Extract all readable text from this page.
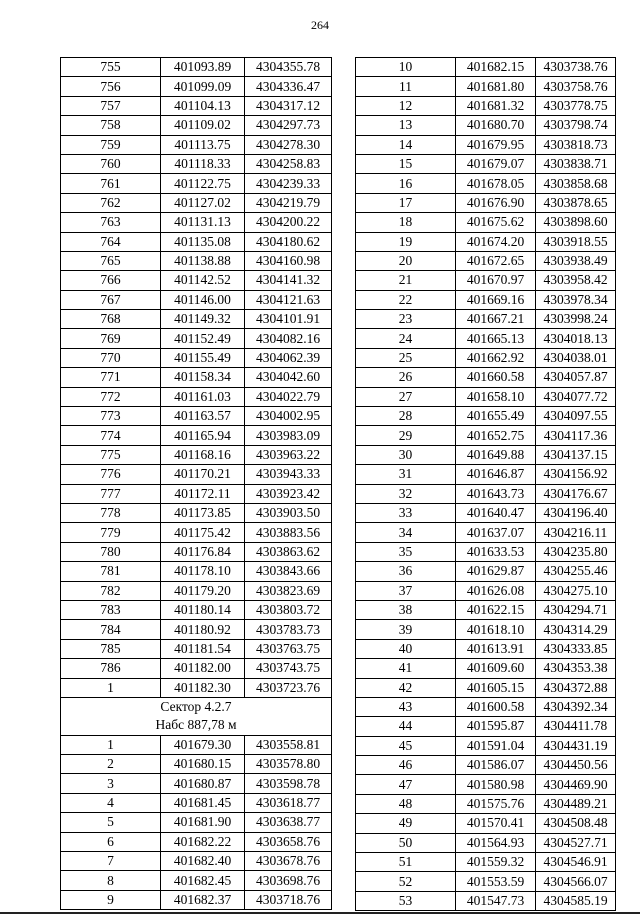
264
755	401093.89	4304355.78
756	401099.09	4304336.47
757	401104.13	4304317.12
758	401109.02	4304297.73
759	401113.75	4304278.30
760	401118.33	4304258.83
761	401122.75	4304239.33
762	401127.02	4304219.79
763	401131.13	4304200.22
764	401135.08	4304180.62
765	401138.88	4304160.98
766	401142.52	4304141.32
767	401146.00	4304121.63
768	401149.32	4304101.91
769	401152.49	4304082.16
770	401155.49	4304062.39
771	401158.34	4304042.60
772	401161.03	4304022.79
773	401163.57	4304002.95
774	401165.94	4303983.09
775	401168.16	4303963.22
776	401170.21	4303943.33
777	401172.11	4303923.42
778	401173.85	4303903.50
779	401175.42	4303883.56
780	401176.84	4303863.62
781	401178.10	4303843.66
782	401179.20	4303823.69
783	401180.14	4303803.72
784	401180.92	4303783.73
785	401181.54	4303763.75
786	401182.00	4303743.75
1	401182.30	4303723.76

Сектор 4.2.7
Набс 887,78 м		

1	401679.30	4303558.81
2	401680.15	4303578.80
3	401680.87	4303598.78
4	401681.45	4303618.77
5	401681.90	4303638.77
6	401682.22	4303658.76
7	401682.40	4303678.76
8	401682.45	4303698.76
9	401682.37	4303718.76
10	401682.15	4303738.76
11	401681.80	4303758.76
12	401681.32	4303778.75
13	401680.70	4303798.74
14	401679.95	4303818.73
15	401679.07	4303838.71
16	401678.05	4303858.68
17	401676.90	4303878.65
18	401675.62	4303898.60
19	401674.20	4303918.55
20	401672.65	4303938.49
21	401670.97	4303958.42
22	401669.16	4303978.34
23	401667.21	4303998.24
24	401665.13	4304018.13
25	401662.92	4304038.01
26	401660.58	4304057.87
27	401658.10	4304077.72
28	401655.49	4304097.55
29	401652.75	4304117.36
30	401649.88	4304137.15
31	401646.87	4304156.92
32	401643.73	4304176.67
33	401640.47	4304196.40
34	401637.07	4304216.11
35	401633.53	4304235.80
36	401629.87	4304255.46
37	401626.08	4304275.10
38	401622.15	4304294.71
39	401618.10	4304314.29
40	401613.91	4304333.85
41	401609.60	4304353.38
42	401605.15	4304372.88
43	401600.58	4304392.34
44	401595.87	4304411.78
45	401591.04	4304431.19
46	401586.07	4304450.56
47	401580.98	4304469.90
48	401575.76	4304489.21
49	401570.41	4304508.48
50	401564.93	4304527.71
51	401559.32	4304546.91
52	401553.59	4304566.07
53	401547.73	4304585.19
